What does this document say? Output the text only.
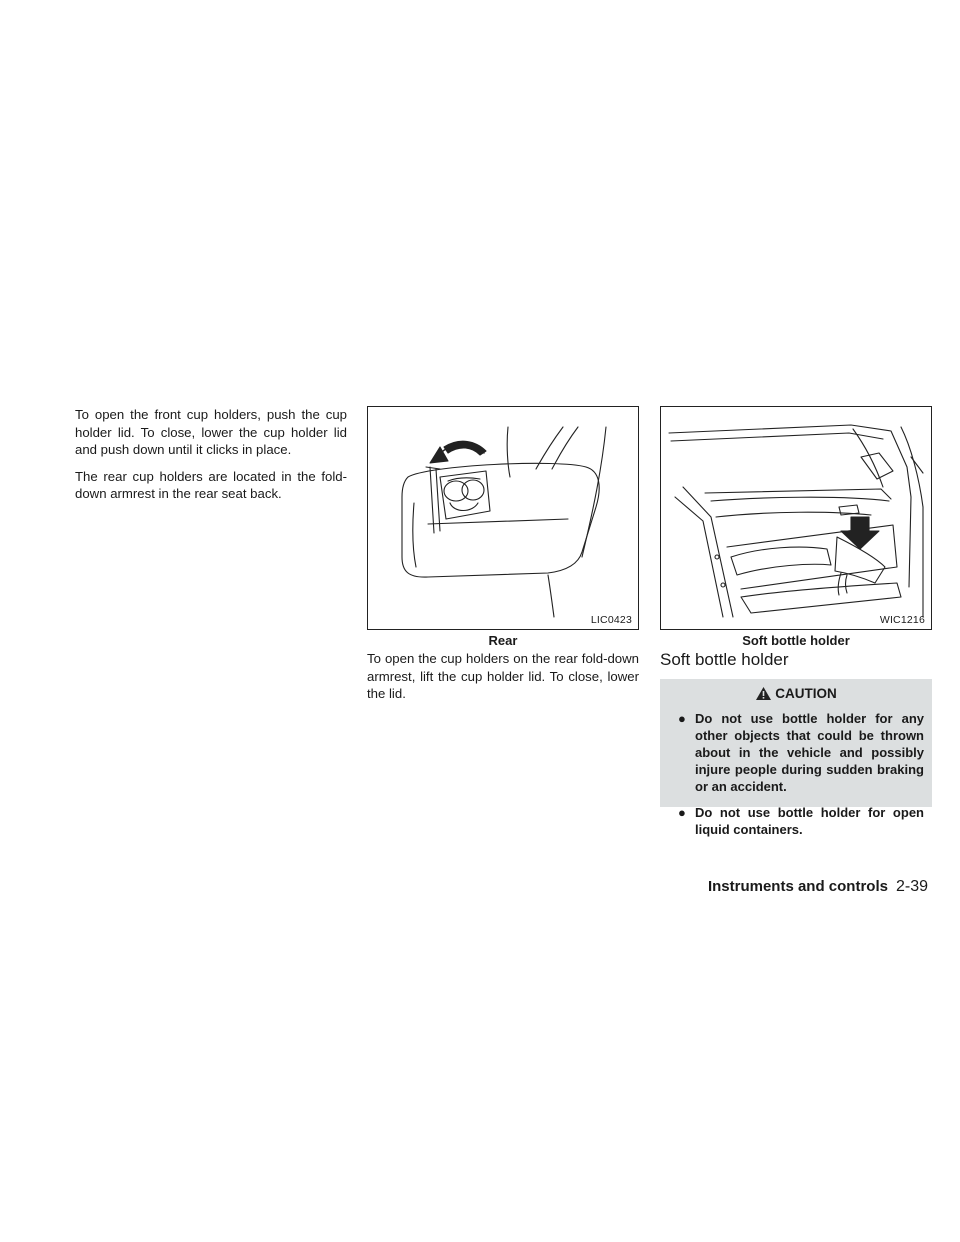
To open the front cup holders, push the cup holder lid. To close, lower the cup holder lid and push down until it clicks in place.

The rear cup holders are located in the fold-down armrest in the rear seat back.

LIC0423
Rear

To open the cup holders on the rear fold-down armrest, lift the cup holder lid. To close, lower the lid.

WIC1216
Soft bottle holder
Soft bottle holder
CAUTION
● Do not use bottle holder for any other objects that could be thrown about in the vehicle and possibly injure people during sudden braking or an accident.
● Do not use bottle holder for open liquid containers.
Instruments and controls 2-39
